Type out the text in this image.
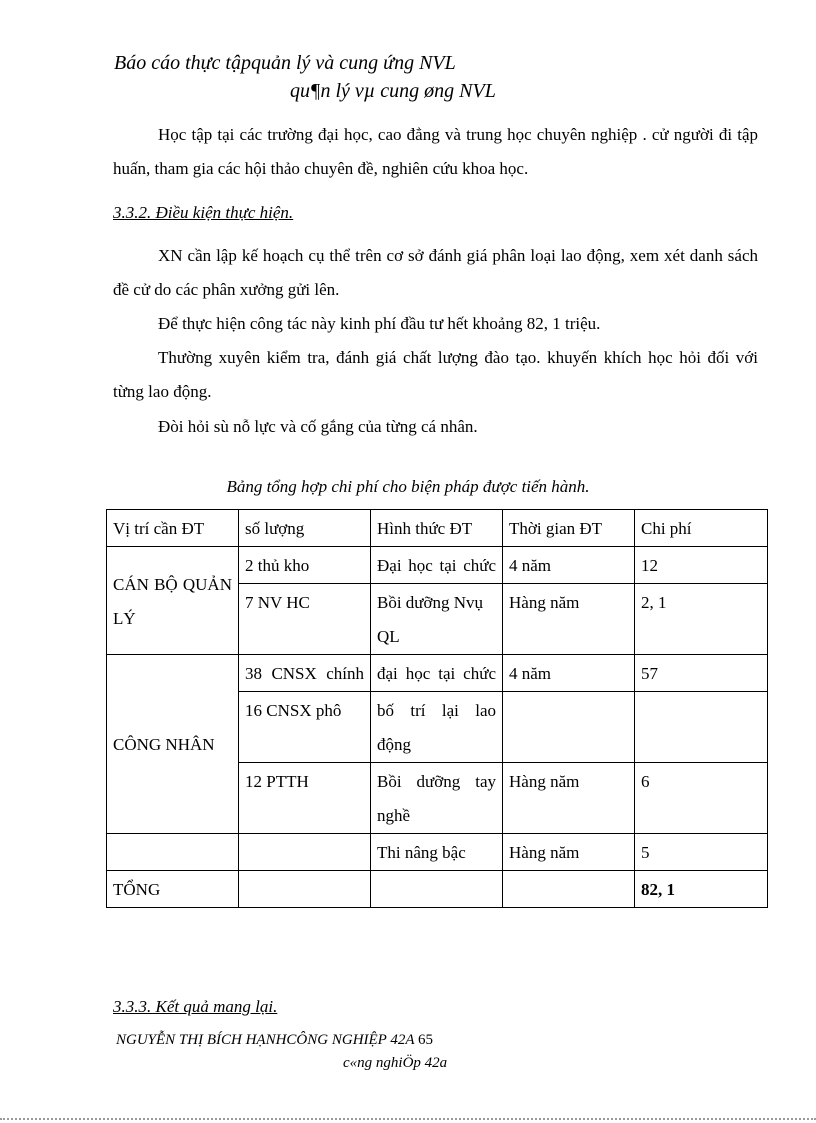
Báo cáo thực tậpquản lý và cung ứng NVL
qu¶n lý vµ cung øng NVL
Học tập tại các trường đại học, cao đẳng và trung học chuyên nghiệp . cử người đi tập huấn, tham gia các hội thảo chuyên đề, nghiên cứu khoa học.
3.3.2. Điều kiện thực hiện.
XN cần lập kế hoạch cụ thể trên cơ sở đánh giá phân loại lao động, xem xét danh sách đề cử do các phân xưởng gửi lên.
Để thực hiện công tác này kinh phí đầu tư hết khoảng 82, 1 triệu.
Thường xuyên kiểm tra, đánh giá chất lượng đào tạo. khuyến khích học hỏi đối với từng lao động.
Đòi hỏi sù nỗ lực và cố gắng của từng cá nhân.
Bảng tổng hợp chi phí cho biện pháp được tiến hành.
Vị trí cần ĐT	số lượng	Hình thức ĐT	Thời gian ĐT	Chi phí
CÁN BỘ QUẢN LÝ	2 thủ kho	Đại học tại chức	4 năm	12
	7 NV HC	Bồi dưỡng Nvụ QL	Hàng năm	2, 1
CÔNG NHÂN	38 CNSX chính	đại học tại chức	4 năm	57
	16 CNSX phô	bố trí lại lao động		
	12 PTTH	Bồi dưỡng tay nghề	Hàng năm	6
		Thi nâng bậc	Hàng năm	5
TỔNG				82, 1
3.3.3. Kết quả mang lại.
NGUYỄN THỊ BÍCH HẠNHCÔNG NGHIỆP 42A 65
c«ng nghiÖp 42a
